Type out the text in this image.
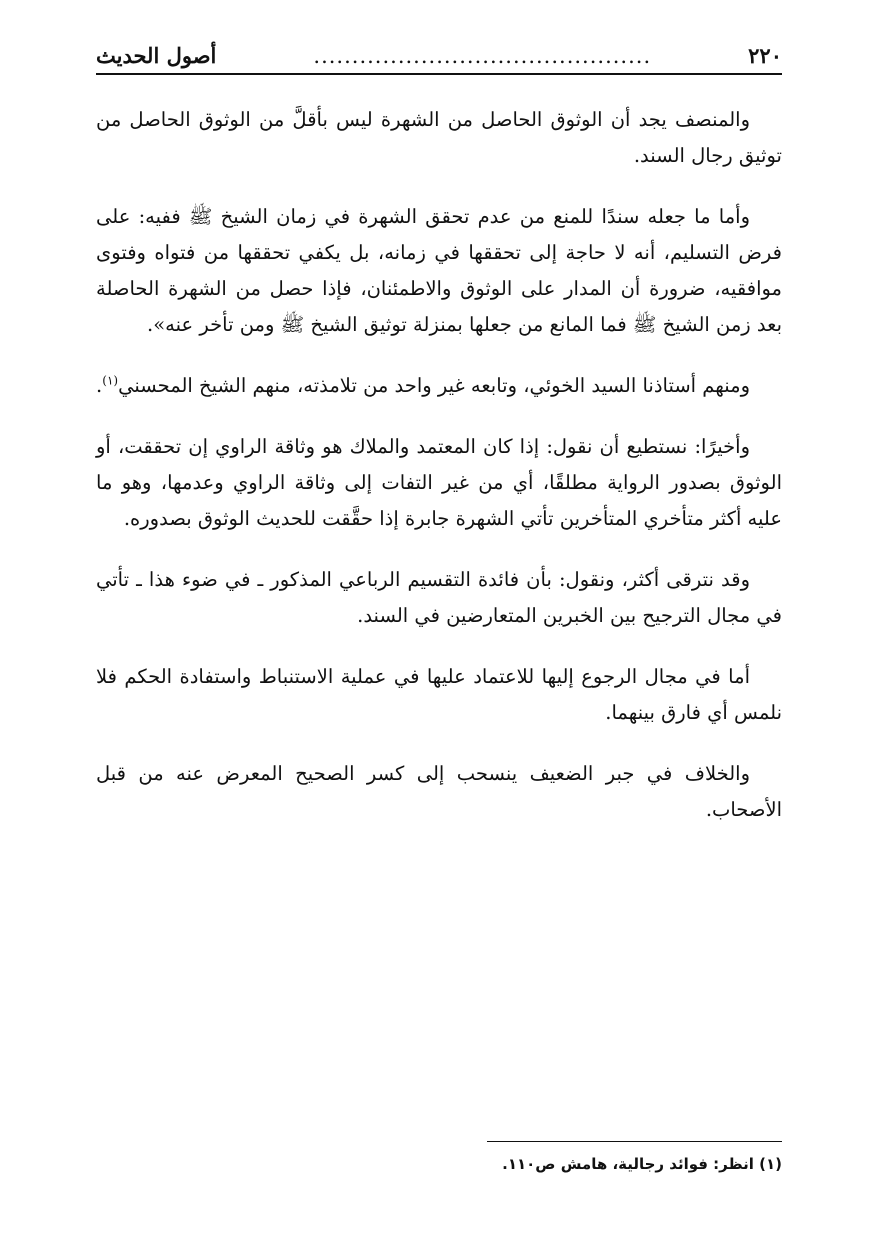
٢٢٠
............................................
أصول الحديث

والمنصف يجد أن الوثوق الحاصل من الشهرة ليس بأقلَّ من الوثوق الحاصل من توثيق رجال السند.

وأما ما جعله سندًا للمنع من عدم تحقق الشهرة في زمان الشيخ ﷺ ففيه: على فرض التسليم، أنه لا حاجة إلى تحققها في زمانه، بل يكفي تحققها من فتواه وفتوى موافقيه، ضرورة أن المدار على الوثوق والاطمئنان، فإذا حصل من الشهرة الحاصلة بعد زمن الشيخ ﷺ فما المانع من جعلها بمنزلة توثيق الشيخ ﷺ ومن تأخر عنه».

ومنهم أستاذنا السيد الخوئي، وتابعه غير واحد من تلامذته، منهم الشيخ المحسني$^{(١)}$.

وأخيرًا: نستطيع أن نقول: إذا كان المعتمد والملاك هو وثاقة الراوي إن تحققت، أو الوثوق بصدور الرواية مطلقًا، أي من غير التفات إلى وثاقة الراوي وعدمها، وهو ما عليه أكثر متأخري المتأخرين تأتي الشهرة جابرة إذا حقَّقت للحديث الوثوق بصدوره.

وقد نترقى أكثر، ونقول: بأن فائدة التقسيم الرباعي المذكور ـ في ضوء هذا ـ تأتي في مجال الترجيح بين الخبرين المتعارضين في السند.

أما في مجال الرجوع إليها للاعتماد عليها في عملية الاستنباط واستفادة الحكم فلا نلمس أي فارق بينهما.

والخلاف في جبر الضعيف ينسحب إلى كسر الصحيح المعرض عنه من قبل الأصحاب.

(١) انظر: فوائد رجالية، هامش ص١١٠.
